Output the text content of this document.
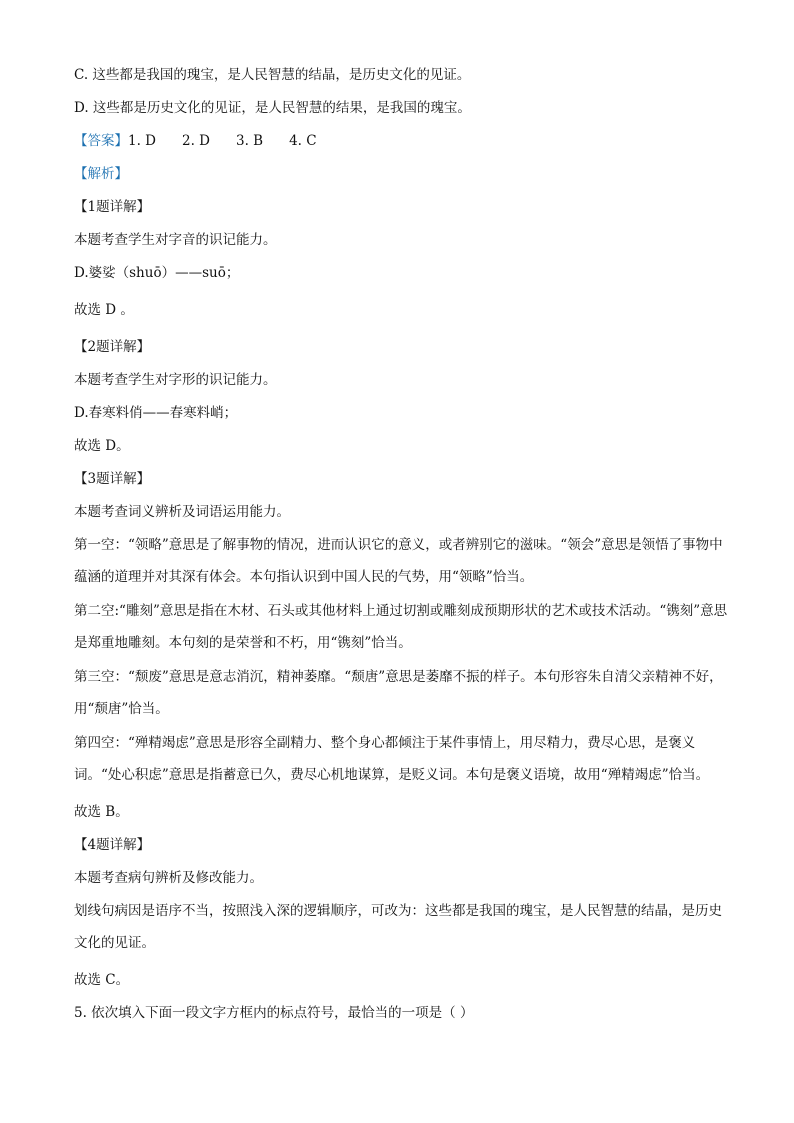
C. 这些都是我国的瑰宝，是人民智慧的结晶，是历史文化的见证。

D. 这些都是历史文化的见证，是人民智慧的结果，是我国的瑰宝。

【答案】1. D 2. D 3. B 4. C

【解析】

【1题详解】

本题考查学生对字音的识记能力。

D.婆娑（shuō）——suō；

故选 D 。

【2题详解】

本题考查学生对字形的识记能力。

D.春寒料俏——春寒料峭；

故选 D。

【3题详解】

本题考查词义辨析及词语运用能力。

第一空：“领略”意思是了解事物的情况，进而认识它的意义，或者辨别它的滋味。“领会”意思是领悟了事物中蕴涵的道理并对其深有体会。本句指认识到中国人民的气势，用“领略”恰当。

第二空:“雕刻”意思是指在木材、石头或其他材料上通过切割或雕刻成预期形状的艺术或技术活动。“镌刻”意思是郑重地雕刻。本句刻的是荣誉和不朽，用“镌刻”恰当。

第三空：“颓废”意思是意志消沉，精神萎靡。“颓唐”意思是萎靡不振的样子。本句形容朱自清父亲精神不好，用“颓唐”恰当。

第四空：“殚精竭虑”意思是形容全副精力、整个身心都倾注于某件事情上，用尽精力，费尽心思，是褒义词。“处心积虑”意思是指蓄意已久，费尽心机地谋算，是贬义词。本句是褒义语境，故用“殚精竭虑”恰当。

故选 B。

【4题详解】

本题考查病句辨析及修改能力。

划线句病因是语序不当，按照浅入深的逻辑顺序，可改为：这些都是我国的瑰宝，是人民智慧的结晶，是历史文化的见证。

故选 C。

5. 依次填入下面一段文字方框内的标点符号，最恰当的一项是（ ）
